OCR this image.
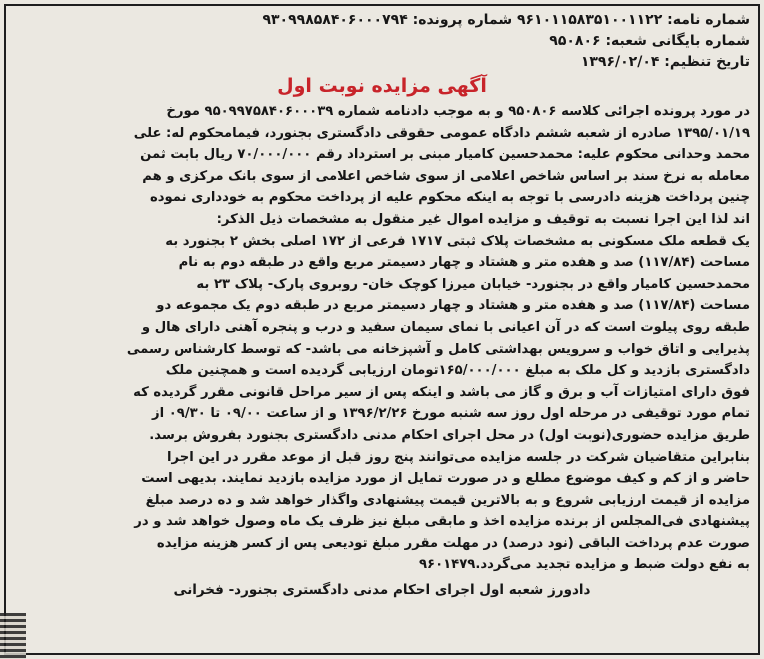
شماره نامه: ۹۶۱۰۱۱۵۸۳۵۱۰۰۱۱۲۲ شماره پرونده: ۹۳۰۹۹۸۵۸۴۰۶۰۰۰۷۹۴
شماره بایگانی شعبه: ۹۵۰۸۰۶
تاریخ تنظیم: ۱۳۹۶/۰۲/۰۴
آگهی مزایده نوبت اول
در مورد پرونده اجرائی کلاسه ۹۵۰۸۰۶ و به موجب دادنامه شماره ۹۵۰۹۹۷۵۸۴۰۶۰۰۰۳۹ مورخ
۱۳۹۵/۰۱/۱۹ صادره از شعبه ششم دادگاه عمومی حقوقی دادگستری بجنورد، فیمامحکوم له: علی
محمد وحدانی محکوم علیه: محمدحسین کامیار مبنی بر استرداد رقم ۷۰/۰۰۰/۰۰۰ ریال بابت ثمن
معامله به نرخ سند بر اساس شاخص اعلامی از سوی شاخص اعلامی از سوی بانک مرکزی و هم
چنین پرداخت هزینه دادرسی با توجه به اینکه محکوم علیه از پرداخت محکوم به خودداری نموده
اند لذا این اجرا نسبت به توقیف و مزایده اموال غیر منقول به مشخصات ذیل الذکر:
یک قطعه ملک مسکونی به مشخصات پلاک ثبتی ۱۷۱۷ فرعی از ۱۷۲ اصلی بخش ۲ بجنورد به
مساحت (۱۱۷/۸۴) صد و هفده متر و هشتاد و چهار دسیمتر مربع واقع در طبقه دوم به نام
محمدحسین کامیار واقع در بجنورد- خیابان میرزا کوچک خان- روبروی پارک- پلاک ۲۳ به
مساحت (۱۱۷/۸۴) صد و هفده متر و هشتاد و چهار دسیمتر مربع در طبقه دوم یک مجموعه دو
طبقه روی پیلوت است که در آن اعیانی با نمای سیمان سفید و درب و پنجره آهنی دارای هال و
پذیرایی و اتاق خواب و سرویس بهداشتی کامل و آشپزخانه می باشد- که توسط کارشناس رسمی
دادگستری بازدید و کل ملک به مبلغ ۱۶۵/۰۰۰/۰۰۰تومان ارزیابی گردیده است و همچنین ملک
فوق دارای امتیازات آب و برق و گاز می باشد و اینکه پس از سیر مراحل قانونی مقرر گردیده که
تمام مورد توقیفی در مرحله اول روز سه شنبه مورخ ۱۳۹۶/۲/۲۶ و از ساعت ۰۹/۰۰ تا ۰۹/۳۰ از
طریق مزایده حضوری(نوبت اول) در محل اجرای احکام مدنی دادگستری بجنورد بفروش برسد.
بنابراین متقاضیان شرکت در جلسه مزایده می‌توانند پنج روز قبل از موعد مقرر در این اجرا
حاضر و از کم و کیف موضوع مطلع و در صورت تمایل از مورد مزایده بازدید نمایند. بدیهی است
مزایده از قیمت ارزیابی شروع و به بالاترین قیمت پیشنهادی واگذار خواهد شد و ده درصد مبلغ
پیشنهادی فی‌المجلس از برنده مزایده اخذ و مابقی مبلغ نیز ظرف یک ماه وصول خواهد شد و در
صورت عدم پرداخت الباقی (نود درصد) در مهلت مقرر مبلغ تودیعی پس از کسر هزینه مزایده
به نفع دولت ضبط و مزایده تجدید می‌گردد.۹۶۰۱۴۷۹
دادورز شعبه اول اجرای احکام مدنی دادگستری بجنورد- فخرانی
